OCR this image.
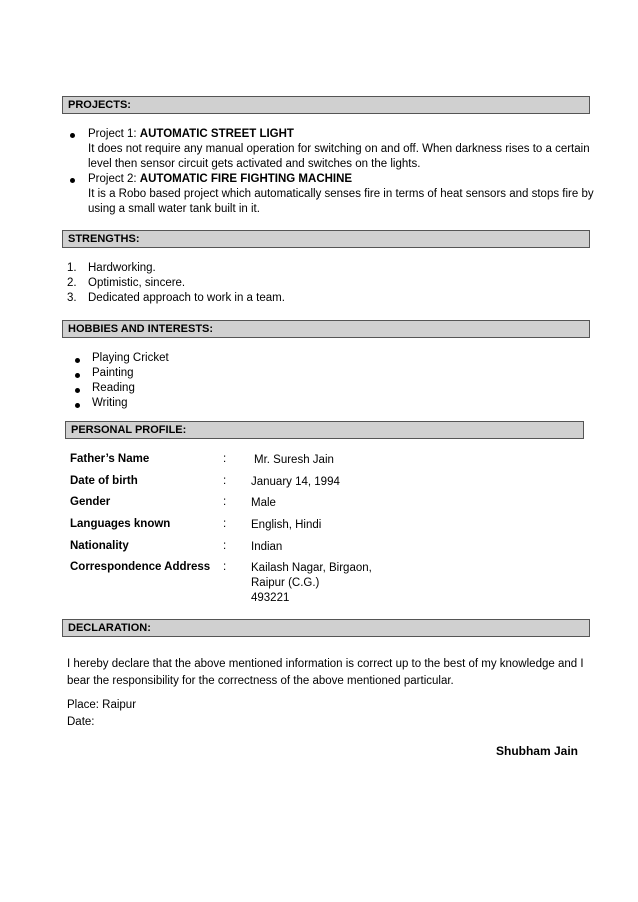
PROJECTS:
Project 1: AUTOMATIC STREET LIGHT
It does not require any manual operation for switching on and off. When darkness rises to a certain
level then sensor circuit gets activated and switches on the lights.
Project 2: AUTOMATIC FIRE FIGHTING MACHINE
It is a Robo based project which automatically senses fire in terms of heat sensors and stops fire by
using a small water tank built in it.
STRENGTHS:
1. Hardworking.
2. Optimistic, sincere.
3. Dedicated approach to work in a team.
HOBBIES AND INTERESTS:
Playing Cricket
Painting
Reading
Writing
PERSONAL PROFILE:
Father’s Name	: Mr. Suresh Jain
Date of birth	: January 14, 1994
Gender	: Male
Languages known	: English, Hindi
Nationality	: Indian
Correspondence Address : Kailash Nagar, Birgaon,
Raipur (C.G.)
493221
DECLARATION:
I hereby declare that the above mentioned information is correct up to the best of my knowledge and I
bear the responsibility for the correctness of the above mentioned particular.
Place: Raipur
Date:
Shubham Jain
